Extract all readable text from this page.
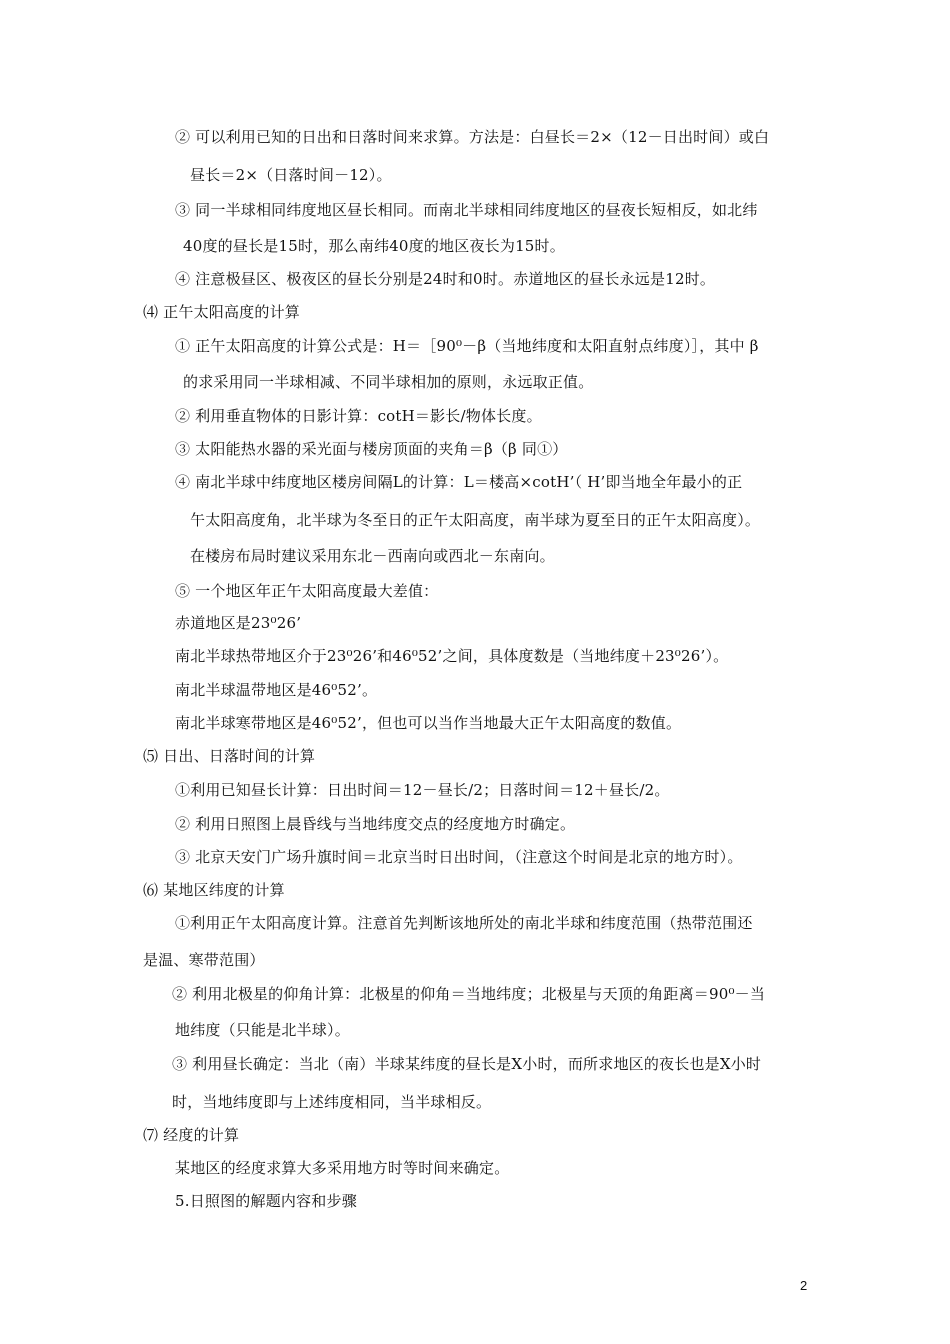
② 可以利用已知的日出和日落时间来求算。方法是：白昼长＝2×（12－日出时间）或白
昼长＝2×（日落时间－12）。
③ 同一半球相同纬度地区昼长相同。而南北半球相同纬度地区的昼夜长短相反，如北纬
40度的昼长是15时，那么南纬40度的地区夜长为15时。
④ 注意极昼区、极夜区的昼长分别是24时和0时。赤道地区的昼长永远是12时。
⑷ 正午太阳高度的计算
① 正午太阳高度的计算公式是：H＝［90⁰－β（当地纬度和太阳直射点纬度）］，其中 β
的求采用同一半球相减、不同半球相加的原则，永远取正值。
② 利用垂直物体的日影计算：cotH＝影长/物体长度。
③ 太阳能热水器的采光面与楼房顶面的夹角＝β（β 同①）
④ 南北半球中纬度地区楼房间隔L的计算：L＝楼高×cotH’（ H’即当地全年最小的正
午太阳高度角，北半球为冬至日的正午太阳高度，南半球为夏至日的正午太阳高度）。
在楼房布局时建议采用东北－西南向或西北－东南向。
⑤ 一个地区年正午太阳高度最大差值：
赤道地区是23⁰26’
南北半球热带地区介于23⁰26’和46⁰52’之间，具体度数是（当地纬度＋23⁰26’）。
南北半球温带地区是46⁰52’。
南北半球寒带地区是46⁰52’，但也可以当作当地最大正午太阳高度的数值。
⑸ 日出、日落时间的计算
①利用已知昼长计算：日出时间＝12－昼长/2；日落时间＝12＋昼长/2。
② 利用日照图上晨昏线与当地纬度交点的经度地方时确定。
③ 北京天安门广场升旗时间＝北京当时日出时间，（注意这个时间是北京的地方时）。
⑹ 某地区纬度的计算
①利用正午太阳高度计算。注意首先判断该地所处的南北半球和纬度范围（热带范围还
是温、寒带范围）
② 利用北极星的仰角计算：北极星的仰角＝当地纬度；北极星与天顶的角距离＝90⁰－当
地纬度（只能是北半球）。
③ 利用昼长确定：当北（南）半球某纬度的昼长是X小时，而所求地区的夜长也是X小时
时，当地纬度即与上述纬度相同，当半球相反。
⑺ 经度的计算
某地区的经度求算大多采用地方时等时间来确定。
5.日照图的解题内容和步骤
2
